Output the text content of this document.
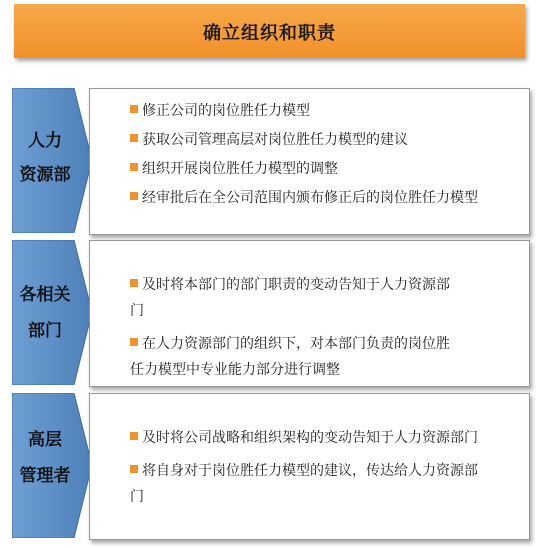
确立组织和职责
人力
资源部
修正公司的岗位胜任力模型
获取公司管理高层对岗位胜任力模型的建议
组织开展岗位胜任力模型的调整
经审批后在全公司范围内颁布修正后的岗位胜任力模型
各相关
部门
及时将本部门的部门职责的变动告知于人力资源部
门
在人力资源部门的组织下，对本部门负责的岗位胜
任力模型中专业能力部分进行调整
高层
管理者
及时将公司战略和组织架构的变动告知于人力资源部门
将自身对于岗位胜任力模型的建议，传达给人力资源部
门
